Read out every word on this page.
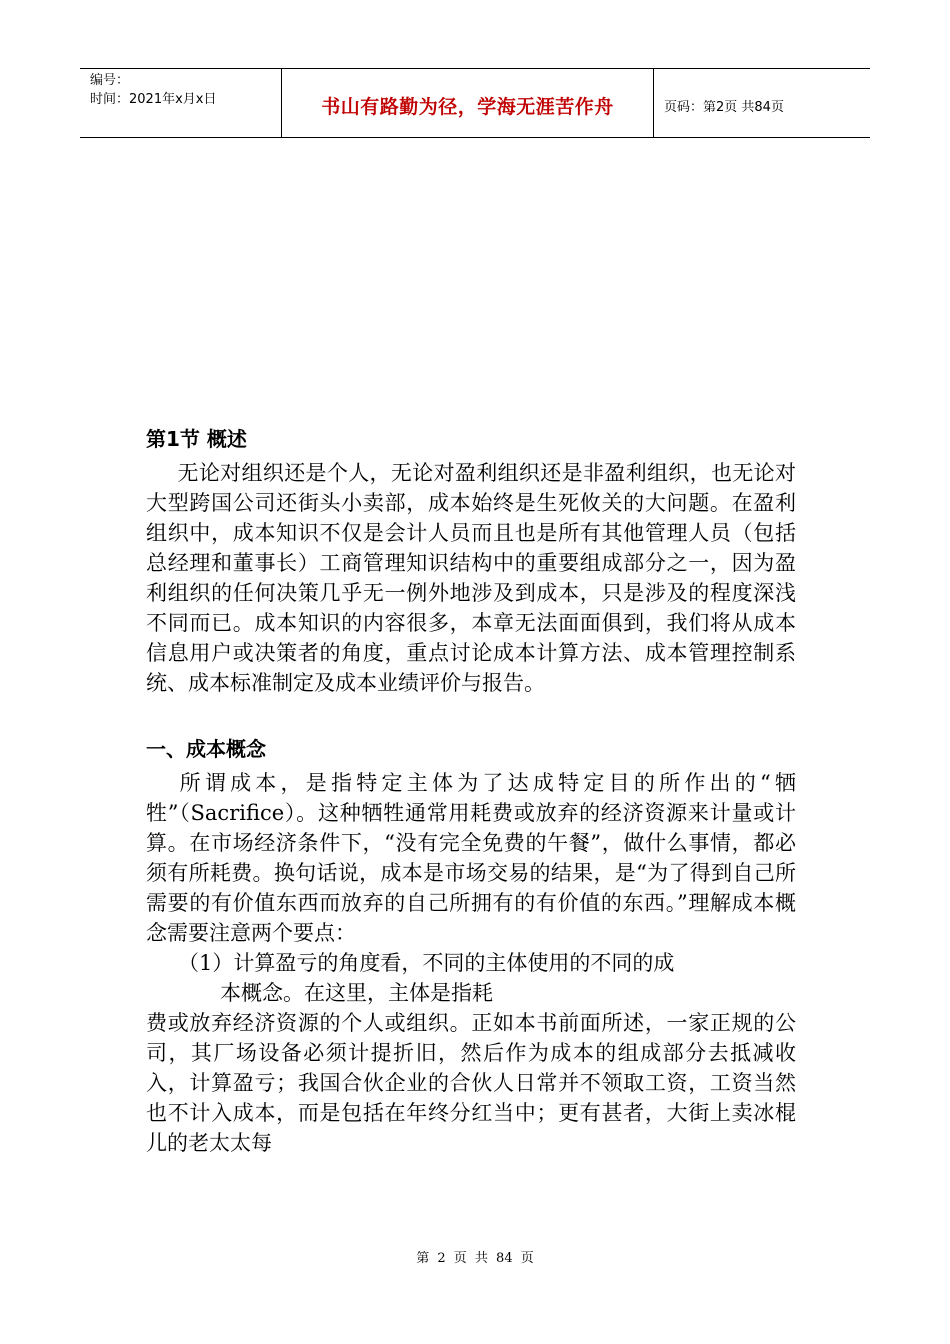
编号：
时间：2021年x月x日	书山有路勤为径，学海无涯苦作舟	页码：第2页 共84页
第1节 概述

无论对组织还是个人，无论对盈利组织还是非盈利组织，也无论对大型跨国公司还街头小卖部，成本始终是生死攸关的大问题。在盈利组织中，成本知识不仅是会计人员而且也是所有其他管理人员（包括总经理和董事长）工商管理知识结构中的重要组成部分之一，因为盈利组织的任何决策几乎无一例外地涉及到成本，只是涉及的程度深浅不同而已。成本知识的内容很多，本章无法面面俱到，我们将从成本信息用户或决策者的角度，重点讨论成本计算方法、成本管理控制系统、成本标准制定及成本业绩评价与报告。

一、成本概念

所谓成本，是指特定主体为了达成特定目的所作出的“牺牲”（Sacrifice）。这种牺牲通常用耗费或放弃的经济资源来计量或计算。在市场经济条件下，“没有完全免费的午餐”，做什么事情，都必须有所耗费。换句话说，成本是市场交易的结果，是“为了得到自己所需要的有价值东西而放弃的自己所拥有的有价值的东西。”理解成本概念需要注意两个要点：

（1）计算盈亏的角度看，不同的主体使用的不同的成

本概念。在这里，主体是指耗

费或放弃经济资源的个人或组织。正如本书前面所述，一家正规的公司，其厂场设备必须计提折旧，然后作为成本的组成部分去抵减收入，计算盈亏；我国合伙企业的合伙人日常并不领取工资，工资当然也不计入成本，而是包括在年终分红当中；更有甚者，大街上卖冰棍儿的老太太每

第 2 页 共 84 页
